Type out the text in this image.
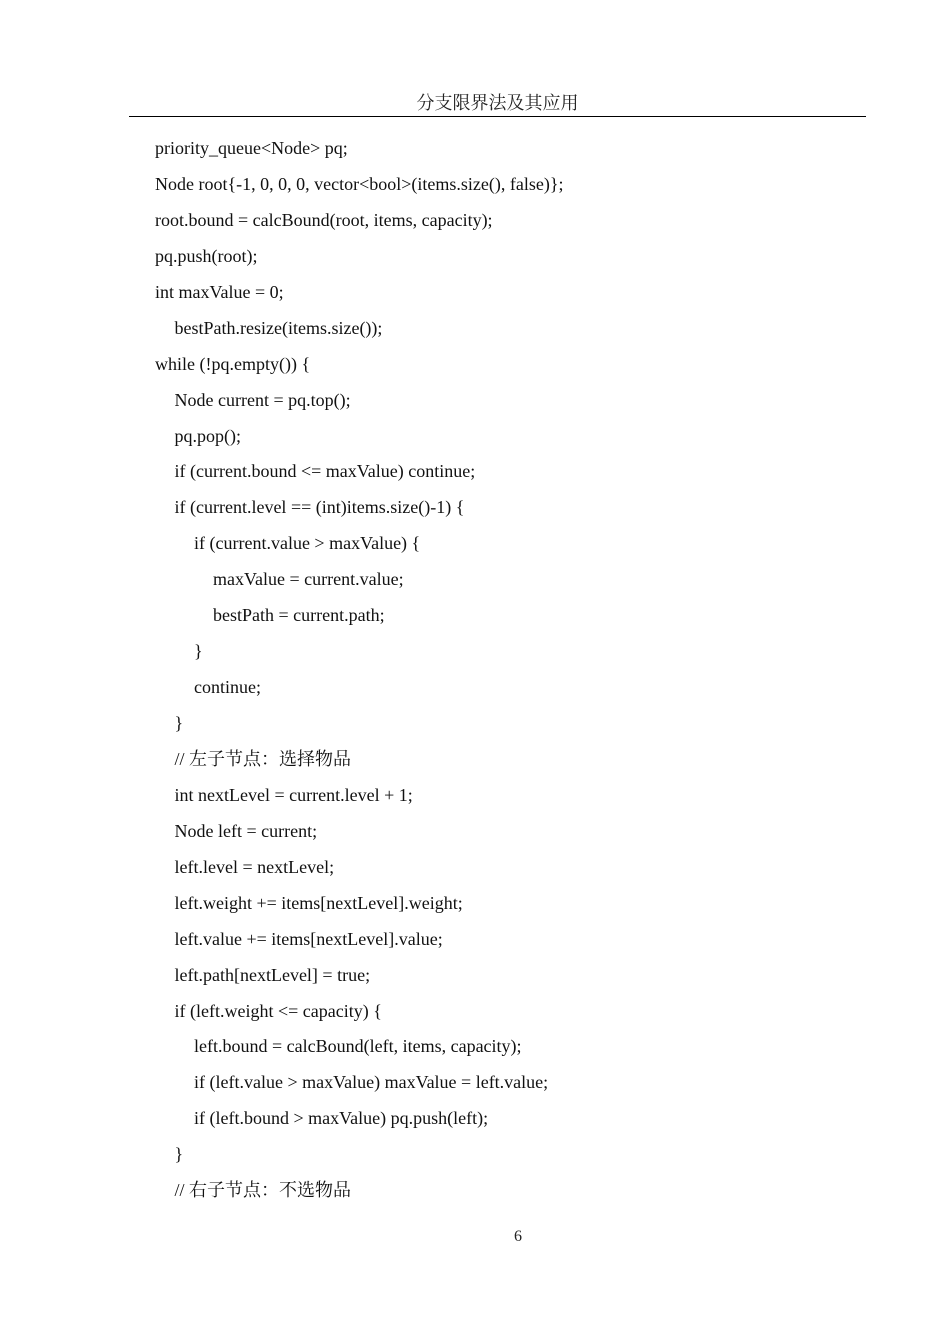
分支限界法及其应用
priority_queue<Node> pq;
Node root{-1, 0, 0, 0, vector<bool>(items.size(), false)};
root.bound = calcBound(root, items, capacity);
pq.push(root);
int maxValue = 0;
bestPath.resize(items.size());
while (!pq.empty()) {
Node current = pq.top();
pq.pop();
if (current.bound <= maxValue) continue;
if (current.level == (int)items.size()-1) {
if (current.value > maxValue) {
maxValue = current.value;
bestPath = current.path;
}
continue;
}
// 左子节点：选择物品
int nextLevel = current.level + 1;
Node left = current;
left.level = nextLevel;
left.weight += items[nextLevel].weight;
left.value += items[nextLevel].value;
left.path[nextLevel] = true;
if (left.weight <= capacity) {
left.bound = calcBound(left, items, capacity);
if (left.value > maxValue) maxValue = left.value;
if (left.bound > maxValue) pq.push(left);
}
// 右子节点：不选物品
6
